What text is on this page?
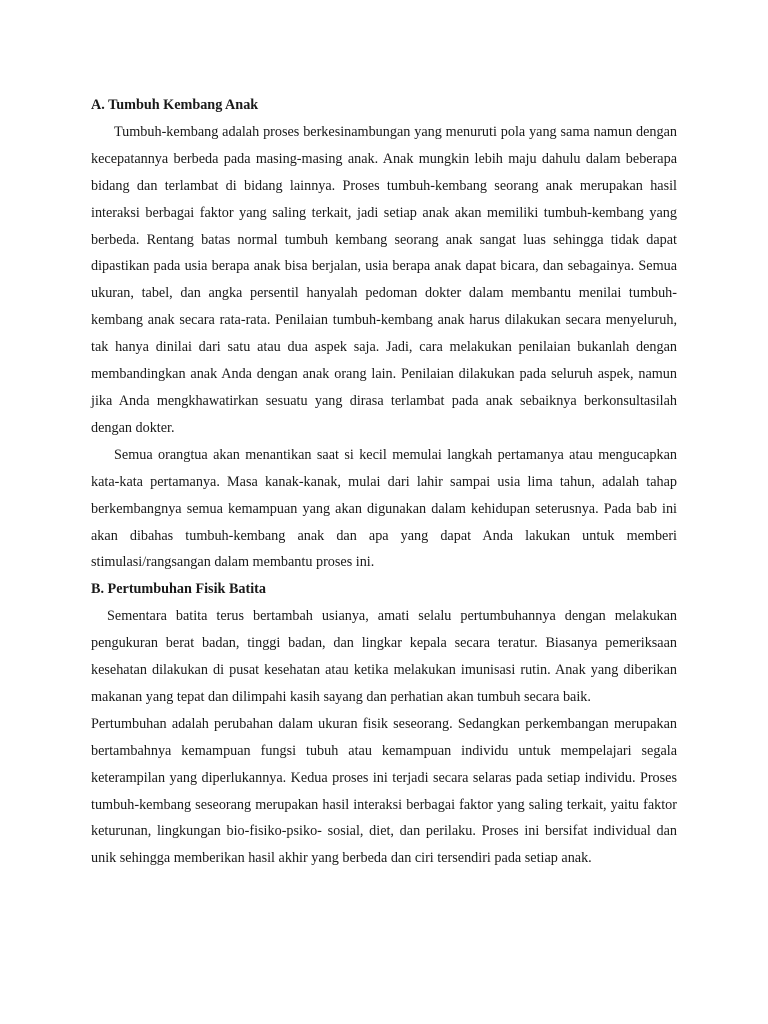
A. Tumbuh Kembang Anak

Tumbuh-kembang adalah proses berkesinambungan yang menuruti pola yang sama namun dengan kecepatannya berbeda pada masing-masing anak. Anak mungkin lebih maju dahulu dalam beberapa bidang dan terlambat di bidang lainnya. Proses tumbuh-kembang seorang anak merupakan hasil interaksi berbagai faktor yang saling terkait, jadi setiap anak akan memiliki tumbuh-kembang yang berbeda. Rentang batas normal tumbuh kembang seorang anak sangat luas sehingga tidak dapat dipastikan pada usia berapa anak bisa berjalan, usia berapa anak dapat bicara, dan sebagainya. Semua ukuran, tabel, dan angka persentil hanyalah pedoman dokter dalam membantu menilai tumbuh-kembang anak secara rata-rata. Penilaian tumbuh-kembang anak harus dilakukan secara menyeluruh, tak hanya dinilai dari satu atau dua aspek saja. Jadi, cara melakukan penilaian bukanlah dengan membandingkan anak Anda dengan anak orang lain. Penilaian dilakukan pada seluruh aspek, namun jika Anda mengkhawatirkan sesuatu yang dirasa terlambat pada anak sebaiknya berkonsultasilah dengan dokter.

Semua orangtua akan menantikan saat si kecil memulai langkah pertamanya atau mengucapkan kata-kata pertamanya. Masa kanak-kanak, mulai dari lahir sampai usia lima tahun, adalah tahap berkembangnya semua kemampuan yang akan digunakan dalam kehidupan seterusnya. Pada bab ini akan dibahas tumbuh-kembang anak dan apa yang dapat Anda lakukan untuk memberi stimulasi/rangsangan dalam membantu proses ini.

B. Pertumbuhan Fisik Batita

Sementara batita terus bertambah usianya, amati selalu pertumbuhannya dengan melakukan pengukuran berat badan, tinggi badan, dan lingkar kepala secara teratur. Biasanya pemeriksaan kesehatan dilakukan di pusat kesehatan atau ketika melakukan imunisasi rutin. Anak yang diberikan makanan yang tepat dan dilimpahi kasih sayang dan perhatian akan tumbuh secara baik.

Pertumbuhan adalah perubahan dalam ukuran fisik seseorang. Sedangkan perkembangan merupakan bertambahnya kemampuan fungsi tubuh atau kemampuan individu untuk mempelajari segala keterampilan yang diperlukannya. Kedua proses ini terjadi secara selaras pada setiap individu. Proses tumbuh-kembang seseorang merupakan hasil interaksi berbagai faktor yang saling terkait, yaitu faktor keturunan, lingkungan bio-fisiko-psiko- sosial, diet, dan perilaku. Proses ini bersifat individual dan unik sehingga memberikan hasil akhir yang berbeda dan ciri tersendiri pada setiap anak.
